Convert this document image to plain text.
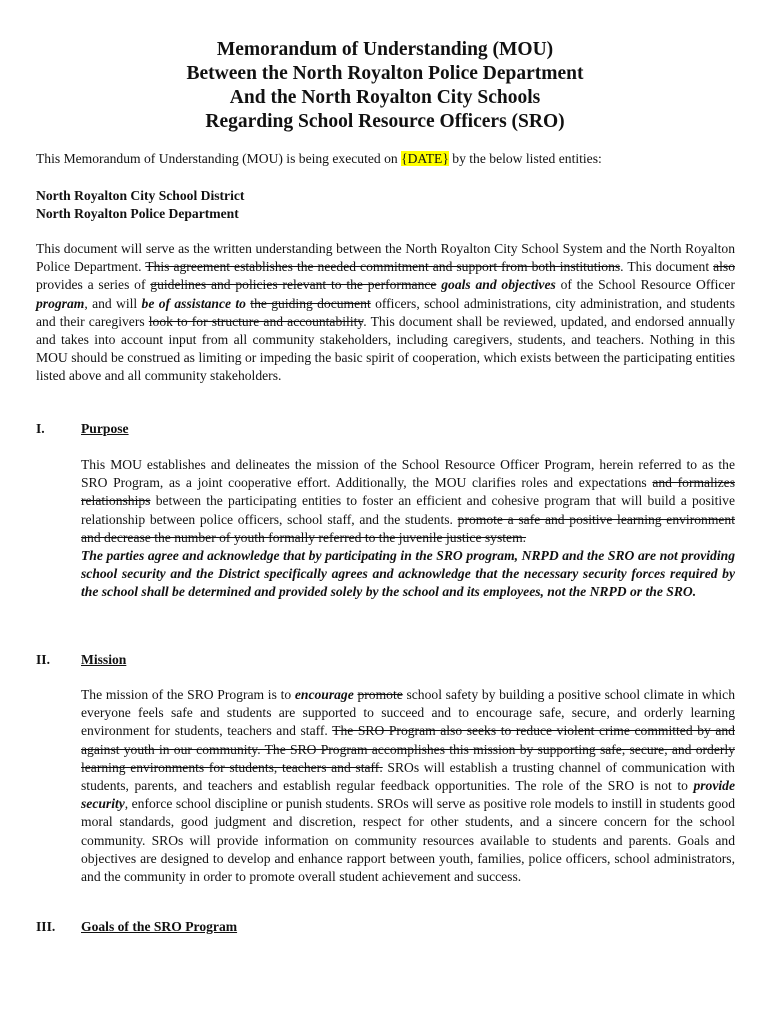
Memorandum of Understanding (MOU)
Between the North Royalton Police Department
And the North Royalton City Schools
Regarding School Resource Officers (SRO)
This Memorandum of Understanding (MOU) is being executed on {DATE} by the below listed entities:
North Royalton City School District
North Royalton Police Department
This document will serve as the written understanding between the North Royalton City School System and the North Royalton Police Department. This agreement establishes the needed commitment and support from both institutions. This document also provides a series of guidelines and policies relevant to the performance goals and objectives of the School Resource Officer program, and will be of assistance to the guiding document officers, school administrations, city administration, and students and their caregivers look to for structure and accountability. This document shall be reviewed, updated, and endorsed annually and takes into account input from all community stakeholders, including caregivers, students, and teachers. Nothing in this MOU should be construed as limiting or impeding the basic spirit of cooperation, which exists between the participating entities listed above and all community stakeholders.
I.	Purpose
This MOU establishes and delineates the mission of the School Resource Officer Program, herein referred to as the SRO Program, as a joint cooperative effort. Additionally, the MOU clarifies roles and expectations and formalizes relationships between the participating entities to foster an efficient and cohesive program that will build a positive relationship between police officers, school staff, and the students. promote a safe and positive learning environment and decrease the number of youth formally referred to the juvenile justice system.
The parties agree and acknowledge that by participating in the SRO program, NRPD and the SRO are not providing school security and the District specifically agrees and acknowledge that the necessary security forces required by the school shall be determined and provided solely by the school and its employees, not the NRPD or the SRO.
II. Mission
The mission of the SRO Program is to encourage promote school safety by building a positive school climate in which everyone feels safe and students are supported to succeed and to encourage safe, secure, and orderly learning environment for students, teachers and staff. The SRO Program also seeks to reduce violent crime committed by and against youth in our community. The SRO Program accomplishes this mission by supporting safe, secure, and orderly learning environments for students, teachers and staff. SROs will establish a trusting channel of communication with students, parents, and teachers and establish regular feedback opportunities. The role of the SRO is not to provide security, enforce school discipline or punish students. SROs will serve as positive role models to instill in students good moral standards, good judgment and discretion, respect for other students, and a sincere concern for the school community. SROs will provide information on community resources available to students and parents. Goals and objectives are designed to develop and enhance rapport between youth, families, police officers, school administrators, and the community in order to promote overall student achievement and success.
III. Goals of the SRO Program
